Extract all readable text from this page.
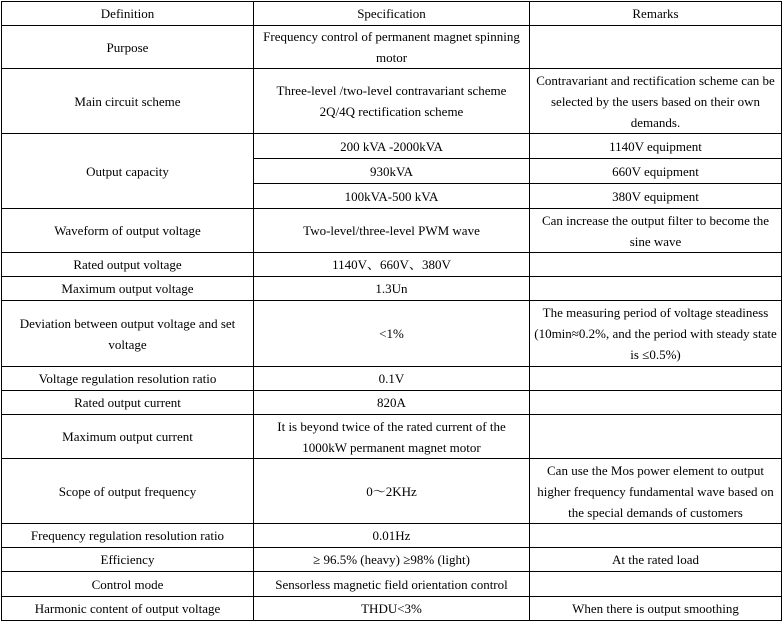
Definition	Specification	Remarks
Purpose	Frequency control of permanent magnet spinning motor	
Main circuit scheme	Three-level /two-level contravariant scheme 2Q/4Q rectification scheme	Contravariant and rectification scheme can be selected by the users based on their own demands.
Output capacity	200 kVA -2000kVA	1140V equipment
	930kVA	660V equipment
	100kVA-500 kVA	380V equipment
Waveform of output voltage	Two-level/three-level PWM wave	Can increase the output filter to become the sine wave
Rated output voltage	1140V、660V、380V	
Maximum output voltage	1.3Un	
Deviation between output voltage and set voltage	<1%	The measuring period of voltage steadiness (10min≈0.2%, and the period with steady state is ≤0.5%)
Voltage regulation resolution ratio	0.1V	
Rated output current	820A	
Maximum output current	It is beyond twice of the rated current of the 1000kW permanent magnet motor	
Scope of output frequency	0～2KHz	Can use the Mos power element to output higher frequency fundamental wave based on the special demands of customers
Frequency regulation resolution ratio	0.01Hz	
Efficiency	≥ 96.5% (heavy) ≥98% (light)	At the rated load
Control mode	Sensorless magnetic field orientation control	
Harmonic content of output voltage	THDU<3%	When there is output smoothing
